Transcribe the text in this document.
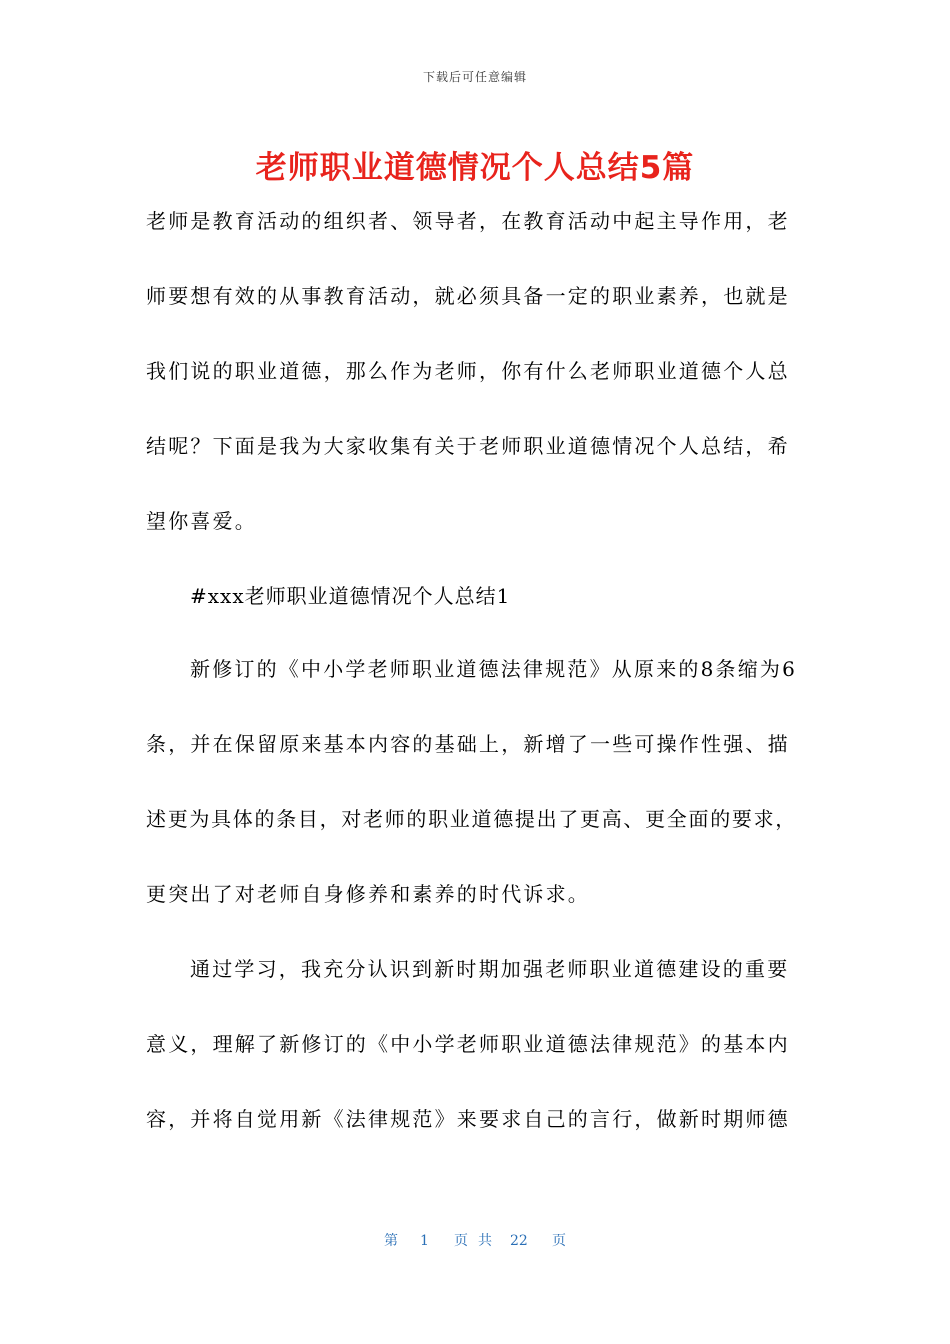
下载后可任意编辑
老师职业道德情况个人总结5篇
老师是教育活动的组织者、领导者，在教育活动中起主导作用，老
师要想有效的从事教育活动，就必须具备一定的职业素养，也就是
我们说的职业道德，那么作为老师，你有什么老师职业道德个人总
结呢？下面是我为大家收集有关于老师职业道德情况个人总结，希
望你喜爱。
#xxx老师职业道德情况个人总结1
新修订的《中小学老师职业道德法律规范》从原来的8条缩为6
条，并在保留原来基本内容的基础上，新增了一些可操作性强、描
述更为具体的条目，对老师的职业道德提出了更高、更全面的要求，
更突出了对老师自身修养和素养的时代诉求。
通过学习，我充分认识到新时期加强老师职业道德建设的重要
意义，理解了新修订的《中小学老师职业道德法律规范》的基本内
容，并将自觉用新《法律规范》来要求自己的言行，做新时期师德
第 1 页 共 22 页
